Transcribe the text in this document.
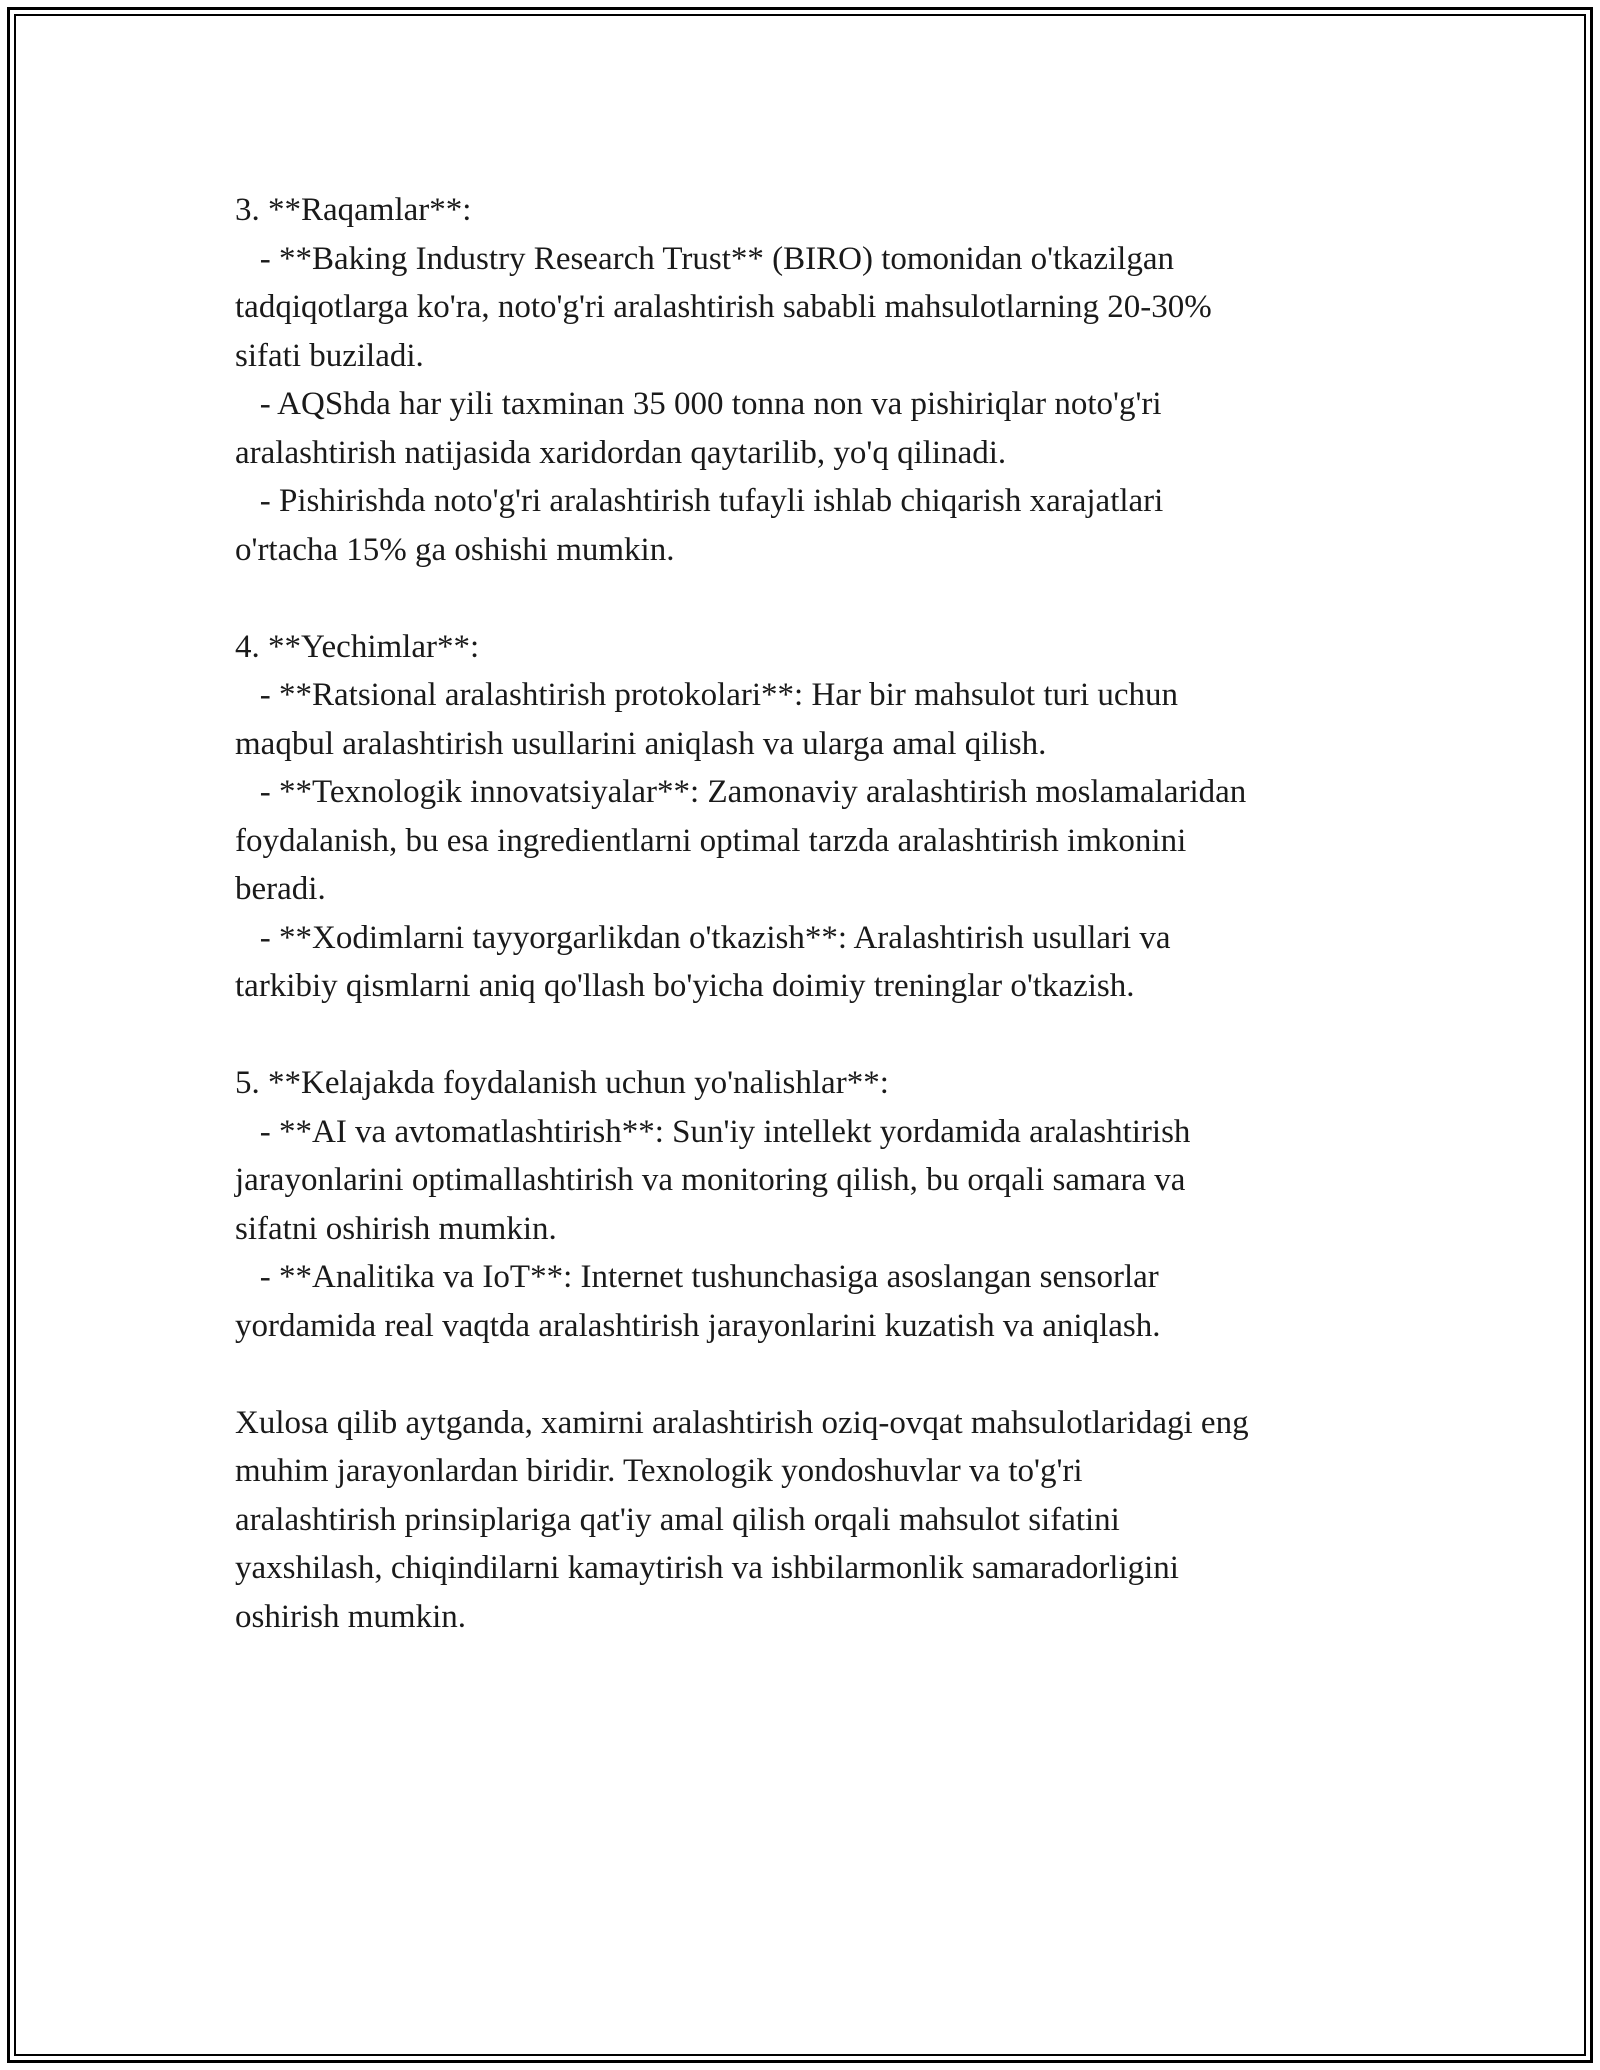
3. **Raqamlar**:
- **Baking Industry Research Trust** (BIRO) tomonidan o'tkazilgan
tadqiqotlarga ko'ra, noto'g'ri aralashtirish sababli mahsulotlarning 20-30%
sifati buziladi.
- AQShda har yili taxminan 35 000 tonna non va pishiriqlar noto'g'ri
aralashtirish natijasida xaridordan qaytarilib, yo'q qilinadi.
- Pishirishda noto'g'ri aralashtirish tufayli ishlab chiqarish xarajatlari
o'rtacha 15% ga oshishi mumkin.
4. **Yechimlar**:
- **Ratsional aralashtirish protokolari**: Har bir mahsulot turi uchun
maqbul aralashtirish usullarini aniqlash va ularga amal qilish.
- **Texnologik innovatsiyalar**: Zamonaviy aralashtirish moslamalaridan
foydalanish, bu esa ingredientlarni optimal tarzda aralashtirish imkonini
beradi.
- **Xodimlarni tayyorgarlikdan o'tkazish**: Aralashtirish usullari va
tarkibiy qismlarni aniq qo'llash bo'yicha doimiy treninglar o'tkazish.
5. **Kelajakda foydalanish uchun yo'nalishlar**:
- **AI va avtomatlashtirish**: Sun'iy intellekt yordamida aralashtirish
jarayonlarini optimallashtirish va monitoring qilish, bu orqali samara va
sifatni oshirish mumkin.
- **Analitika va IoT**: Internet tushunchasiga asoslangan sensorlar
yordamida real vaqtda aralashtirish jarayonlarini kuzatish va aniqlash.
Xulosa qilib aytganda, xamirni aralashtirish oziq-ovqat mahsulotlaridagi eng
muhim jarayonlardan biridir. Texnologik yondoshuvlar va to'g'ri
aralashtirish prinsiplariga qat'iy amal qilish orqali mahsulot sifatini
yaxshilash, chiqindilarni kamaytirish va ishbilarmonlik samaradorligini
oshirish mumkin.
